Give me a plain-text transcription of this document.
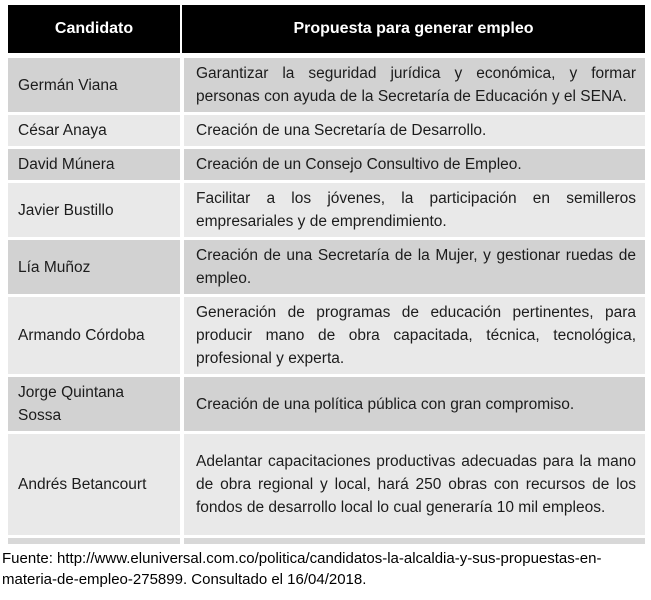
Candidato	Propuesta para generar empleo
Germán Viana	Garantizar la seguridad jurídica y económica, y formar personas con ayuda de la Secretaría de Educación y el SENA.
César Anaya	Creación de una Secretaría de Desarrollo.
David Múnera	Creación de un Consejo Consultivo de Empleo.
Javier Bustillo	Facilitar a los jóvenes, la participación en semilleros empresariales y de emprendimiento.
Lía Muñoz	Creación de una Secretaría de la Mujer, y gestionar ruedas de empleo.
Armando Córdoba	Generación de programas de educación pertinentes, para producir mano de obra capacitada, técnica, tecnológica, profesional y experta.
Jorge Quintana Sossa	Creación de una política pública con gran compromiso.
Andrés Betancourt	Adelantar capacitaciones productivas adecuadas para la mano de obra regional y local, hará 250 obras con recursos de los fondos de desarrollo local lo cual generaría 10 mil empleos.

Fuente: http://www.eluniversal.com.co/politica/candidatos-la-alcaldia-y-sus-propuestas-en-materia-de-empleo-275899. Consultado el 16/04/2018.
